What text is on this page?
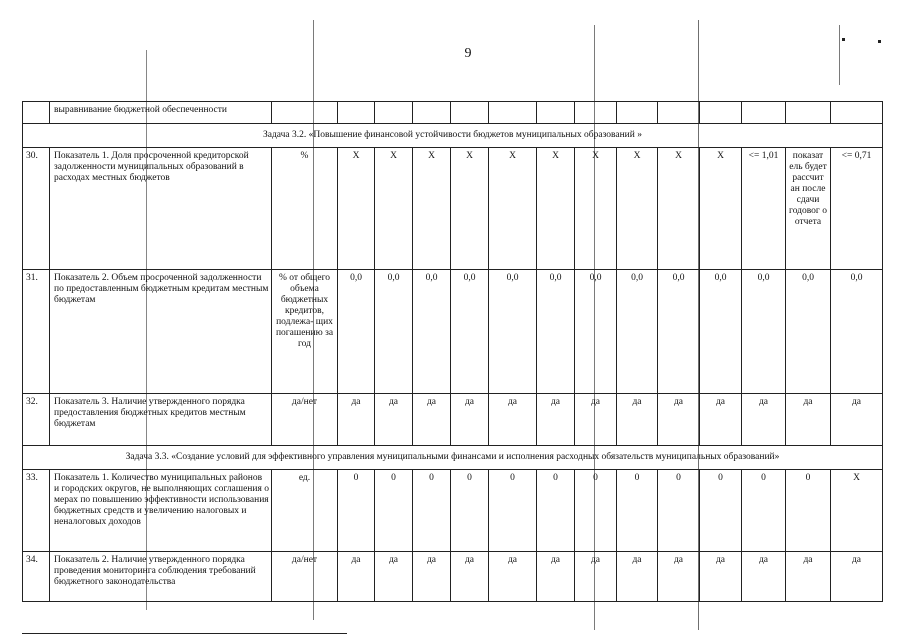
9
	выравнивание бюджетной обеспеченности														
Задача 3.2. «Повышение финансовой устойчивости бюджетов муниципальных образований »															
30.	Показатель 1. Доля просроченной кредиторской задолженности муниципальных образований в расходах местных бюджетов	%	X	X	X	X	X	X	X	X	X	X	<= 1,01	показат ель будет рассчит ан после сдачи годовог о отчета	<= 0,71
31.	Показатель 2. Объем просроченной задолженности по предоставленным бюджетным кредитам местным бюджетам	% от общего объема бюджетных кредитов, подлежа- щих погашению за год	0,0	0,0	0,0	0,0	0,0	0,0	0,0	0,0	0,0	0,0	0,0	0,0	0,0
32.	Показатель 3. Наличие утвержденного порядка предоставления бюджетных кредитов местным бюджетам	да/нет	да	да	да	да	да	да	да	да	да	да	да	да	да
Задача 3.3. «Создание условий для эффективного управления муниципальными финансами и исполнения расходных обязательств муниципальных образований»															
33.	Показатель 1. Количество муниципальных районов и городских округов, не выполняющих соглашения о мерах по повышению эффективности использования бюджетных средств и увеличению налоговых и неналоговых доходов	ед.	0	0	0	0	0	0	0	0	0	0	0	0	X
34.	Показатель 2. Наличие утвержденного порядка проведения мониторинга соблюдения требований бюджетного законодательства	да/нет	да	да	да	да	да	да	да	да	да	да	да	да	да
